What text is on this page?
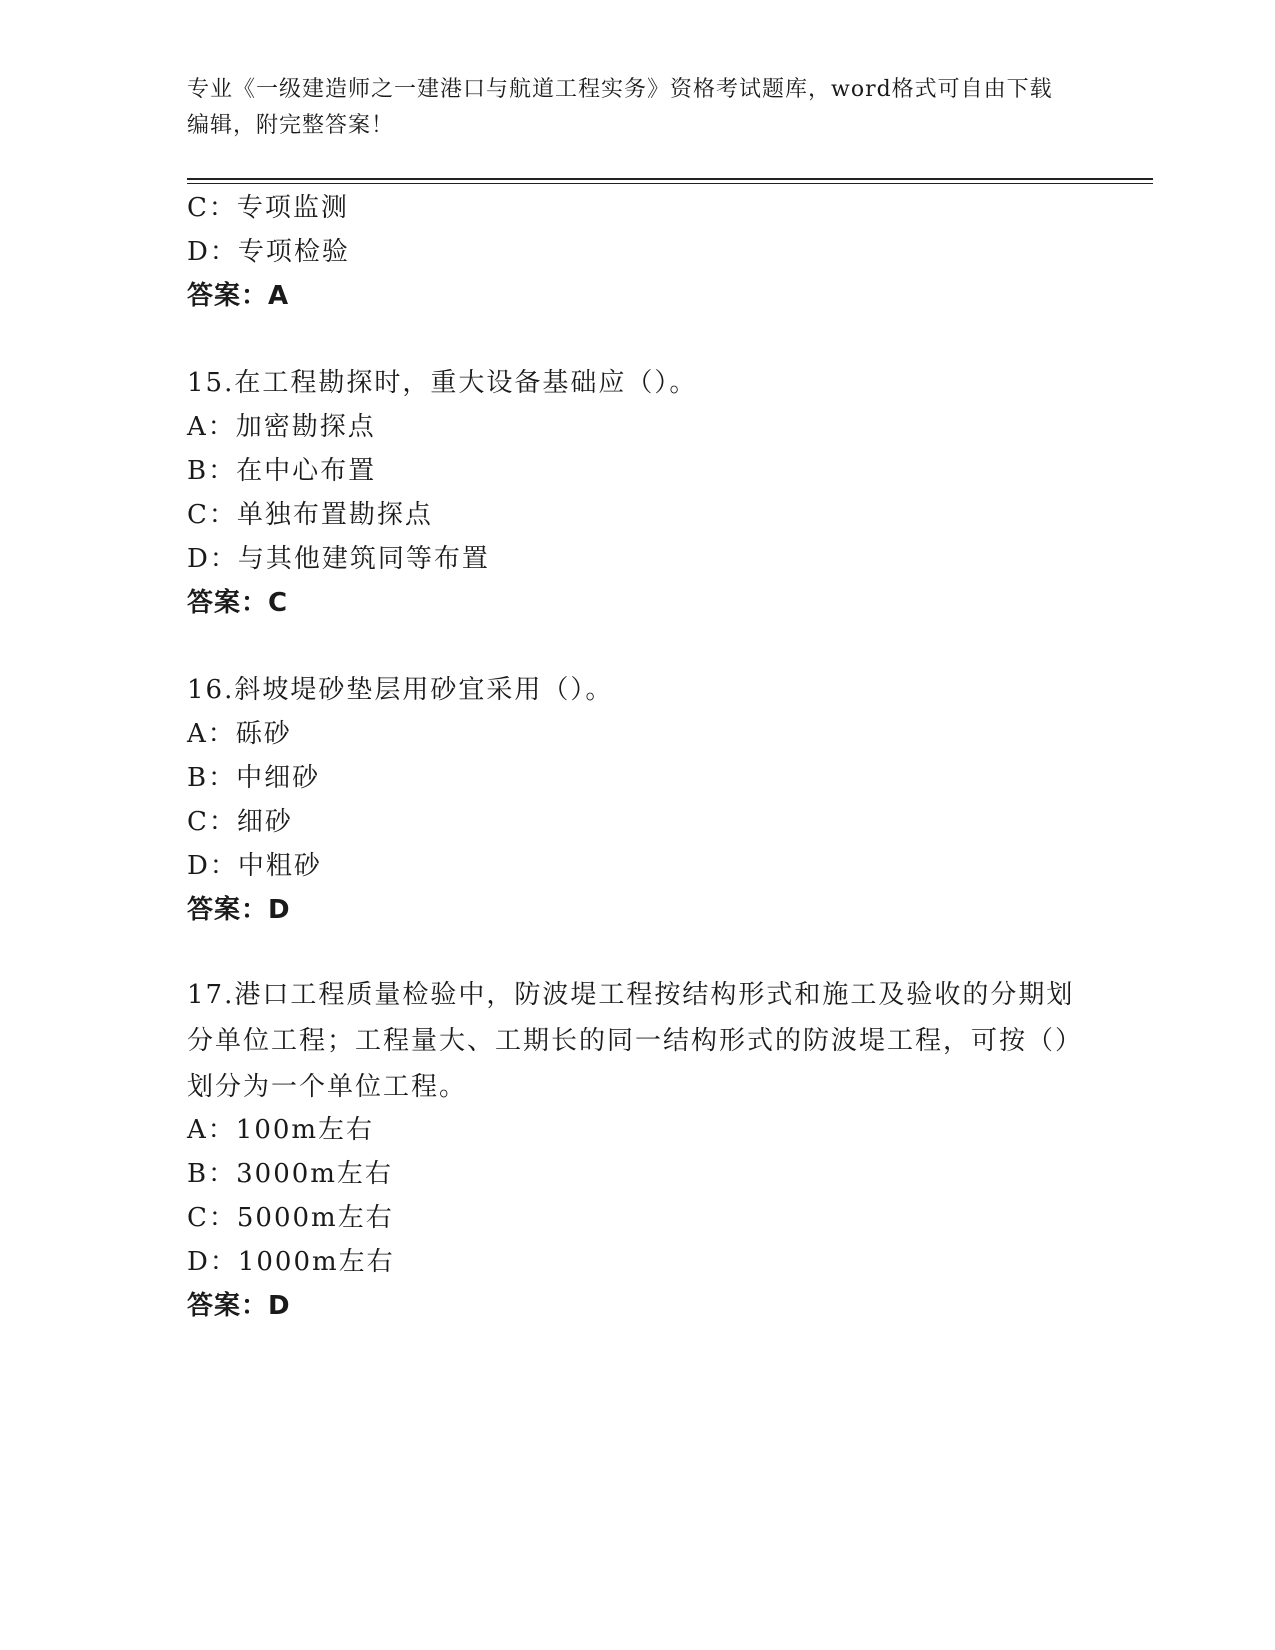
专业《一级建造师之一建港口与航道工程实务》资格考试题库，word格式可自由下载编辑，附完整答案！
C：专项监测
D：专项检验
答案：A
15.在工程勘探时，重大设备基础应（）。
A：加密勘探点
B：在中心布置
C：单独布置勘探点
D：与其他建筑同等布置
答案：C
16.斜坡堤砂垫层用砂宜采用（）。
A：砾砂
B：中细砂
C：细砂
D：中粗砂
答案：D
17.港口工程质量检验中，防波堤工程按结构形式和施工及验收的分期划分单位工程；工程量大、工期长的同一结构形式的防波堤工程，可按（）划分为一个单位工程。
A：100m左右
B：3000m左右
C：5000m左右
D：1000m左右
答案：D
